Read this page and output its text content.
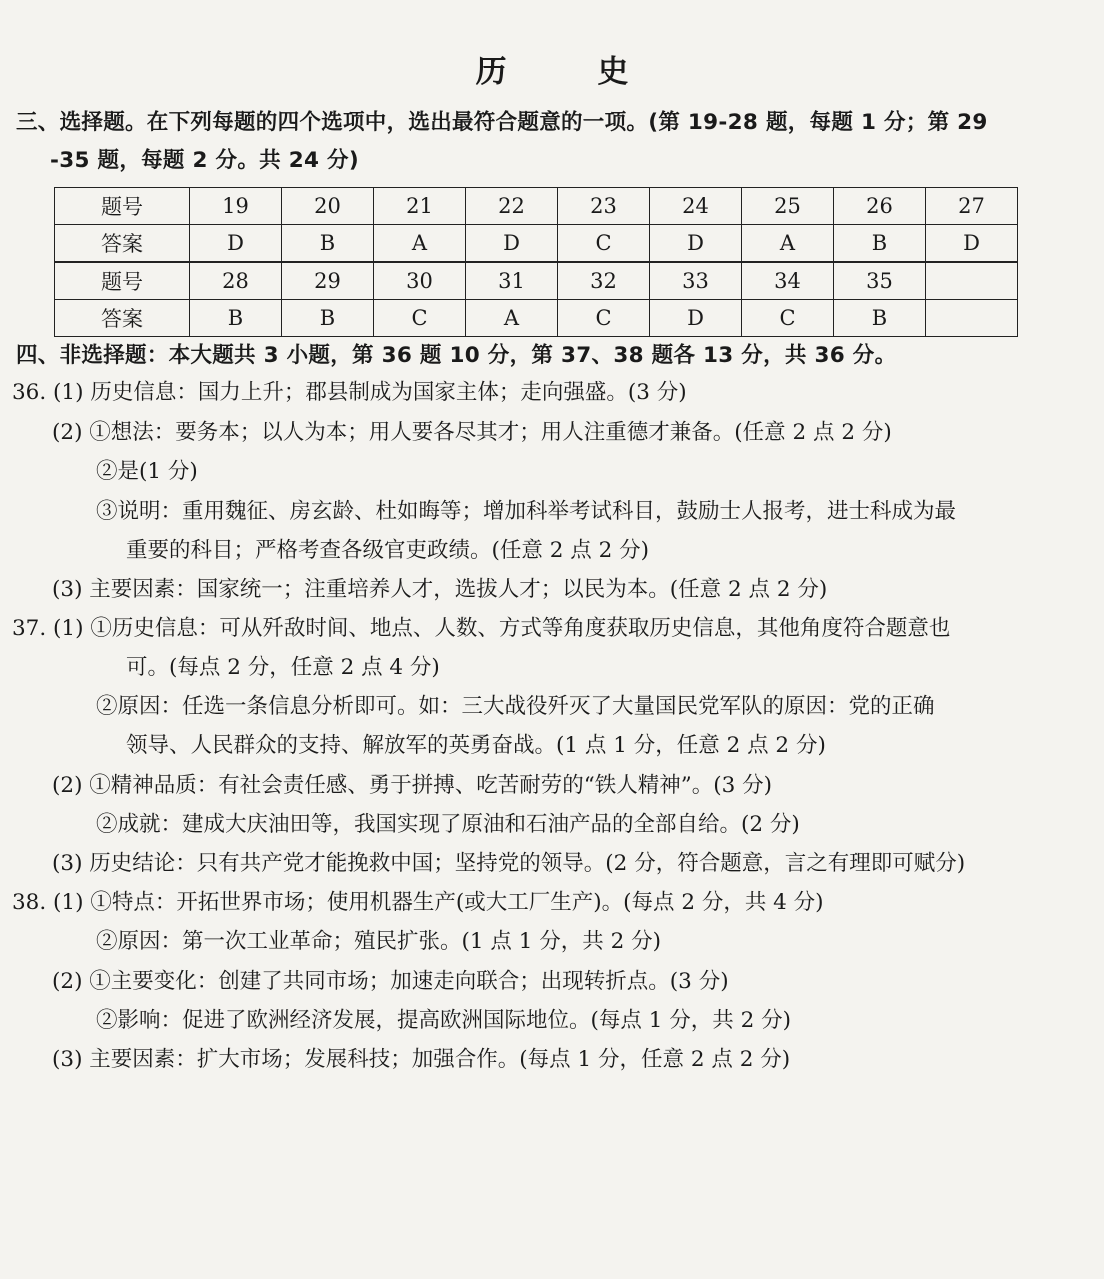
历 史
三、选择题。在下列每题的四个选项中，选出最符合题意的一项。(第 19-28 题，每题 1 分；第 29
-35 题，每题 2 分。共 24 分)
题号	19	20	21	22	23	24	25	26	27
答案	D	B	A	D	C	D	A	B	D
题号	28	29	30	31	32	33	34	35	
答案	B	B	C	A	C	D	C	B	
四、非选择题：本大题共 3 小题，第 36 题 10 分，第 37、38 题各 13 分，共 36 分。
36. (1) 历史信息：国力上升；郡县制成为国家主体；走向强盛。(3 分)
(2) ①想法：要务本；以人为本；用人要各尽其才；用人注重德才兼备。(任意 2 点 2 分)
②是(1 分)
③说明：重用魏征、房玄龄、杜如晦等；增加科举考试科目，鼓励士人报考，进士科成为最
重要的科目；严格考查各级官吏政绩。(任意 2 点 2 分)
(3) 主要因素：国家统一；注重培养人才，选拔人才；以民为本。(任意 2 点 2 分)
37. (1) ①历史信息：可从歼敌时间、地点、人数、方式等角度获取历史信息，其他角度符合题意也
可。(每点 2 分，任意 2 点 4 分)
②原因：任选一条信息分析即可。如：三大战役歼灭了大量国民党军队的原因：党的正确
领导、人民群众的支持、解放军的英勇奋战。(1 点 1 分，任意 2 点 2 分)
(2) ①精神品质：有社会责任感、勇于拼搏、吃苦耐劳的“铁人精神”。(3 分)
②成就：建成大庆油田等，我国实现了原油和石油产品的全部自给。(2 分)
(3) 历史结论：只有共产党才能挽救中国；坚持党的领导。(2 分，符合题意，言之有理即可赋分)
38. (1) ①特点：开拓世界市场；使用机器生产(或大工厂生产)。(每点 2 分，共 4 分)
②原因：第一次工业革命；殖民扩张。(1 点 1 分，共 2 分)
(2) ①主要变化：创建了共同市场；加速走向联合；出现转折点。(3 分)
②影响：促进了欧洲经济发展，提高欧洲国际地位。(每点 1 分，共 2 分)
(3) 主要因素：扩大市场；发展科技；加强合作。(每点 1 分，任意 2 点 2 分)
